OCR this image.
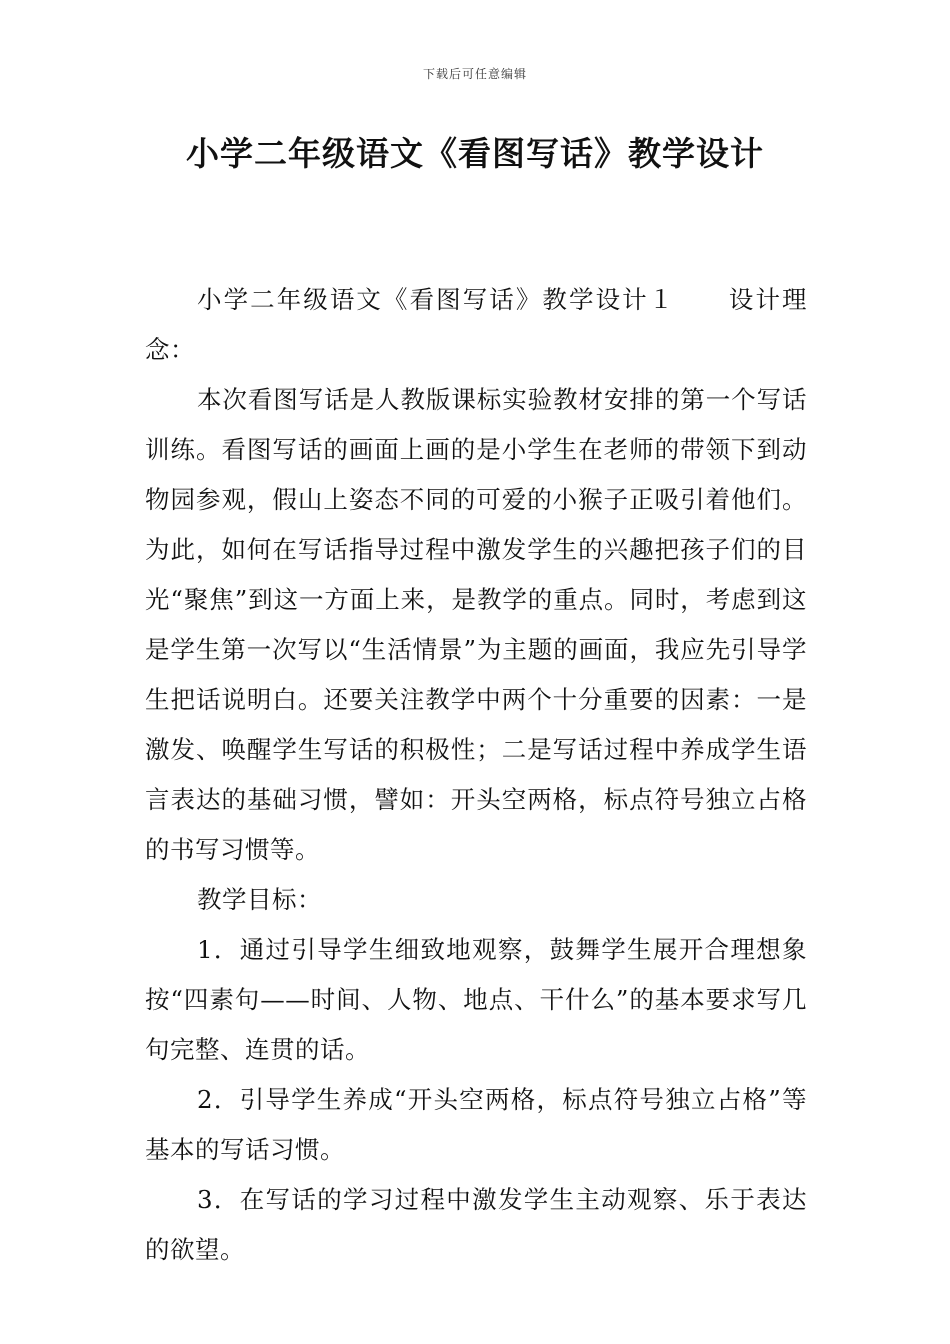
下载后可任意编辑
小学二年级语文《看图写话》教学设计

小学二年级语文《看图写话》教学设计１ 设计理念：

本次看图写话是人教版课标实验教材安排的第一个写话训练。看图写话的画面上画的是小学生在老师的带领下到动物园参观，假山上姿态不同的可爱的小猴子正吸引着他们。为此，如何在写话指导过程中激发学生的兴趣把孩子们的目光“聚焦”到这一方面上来，是教学的重点。同时，考虑到这是学生第一次写以“生活情景”为主题的画面，我应先引导学生把话说明白。还要关注教学中两个十分重要的因素：一是激发、唤醒学生写话的积极性；二是写话过程中养成学生语言表达的基础习惯，譬如：开头空两格，标点符号独立占格的书写习惯等。

教学目标：

1．通过引导学生细致地观察，鼓舞学生展开合理想象按“四素句——时间、人物、地点、干什么”的基本要求写几句完整、连贯的话。

2．引导学生养成“开头空两格，标点符号独立占格”等基本的写话习惯。

3．在写话的学习过程中激发学生主动观察、乐于表达的欲望。
